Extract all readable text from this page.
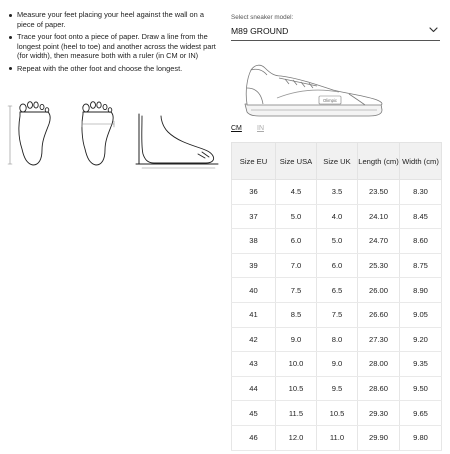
Measure your feet placing your heel against the wall on a piece of paper.
Trace your foot onto a piece of paper. Draw a line from the longest point (heel to toe) and another across the widest part (for width), then measure both with a ruler (in CM or IN)
Repeat with the other foot and choose the longest.
Select sneaker model:
M89 GROUND
Olimpic
CM IN
Size EU	Size USA	Size UK	Length (cm)	Width (cm)
36	4.5	3.5	23.50	8.30
37	5.0	4.0	24.10	8.45
38	6.0	5.0	24.70	8.60
39	7.0	6.0	25.30	8.75
40	7.5	6.5	26.00	8.90
41	8.5	7.5	26.60	9.05
42	9.0	8.0	27.30	9.20
43	10.0	9.0	28.00	9.35
44	10.5	9.5	28.60	9.50
45	11.5	10.5	29.30	9.65
46	12.0	11.0	29.90	9.80
